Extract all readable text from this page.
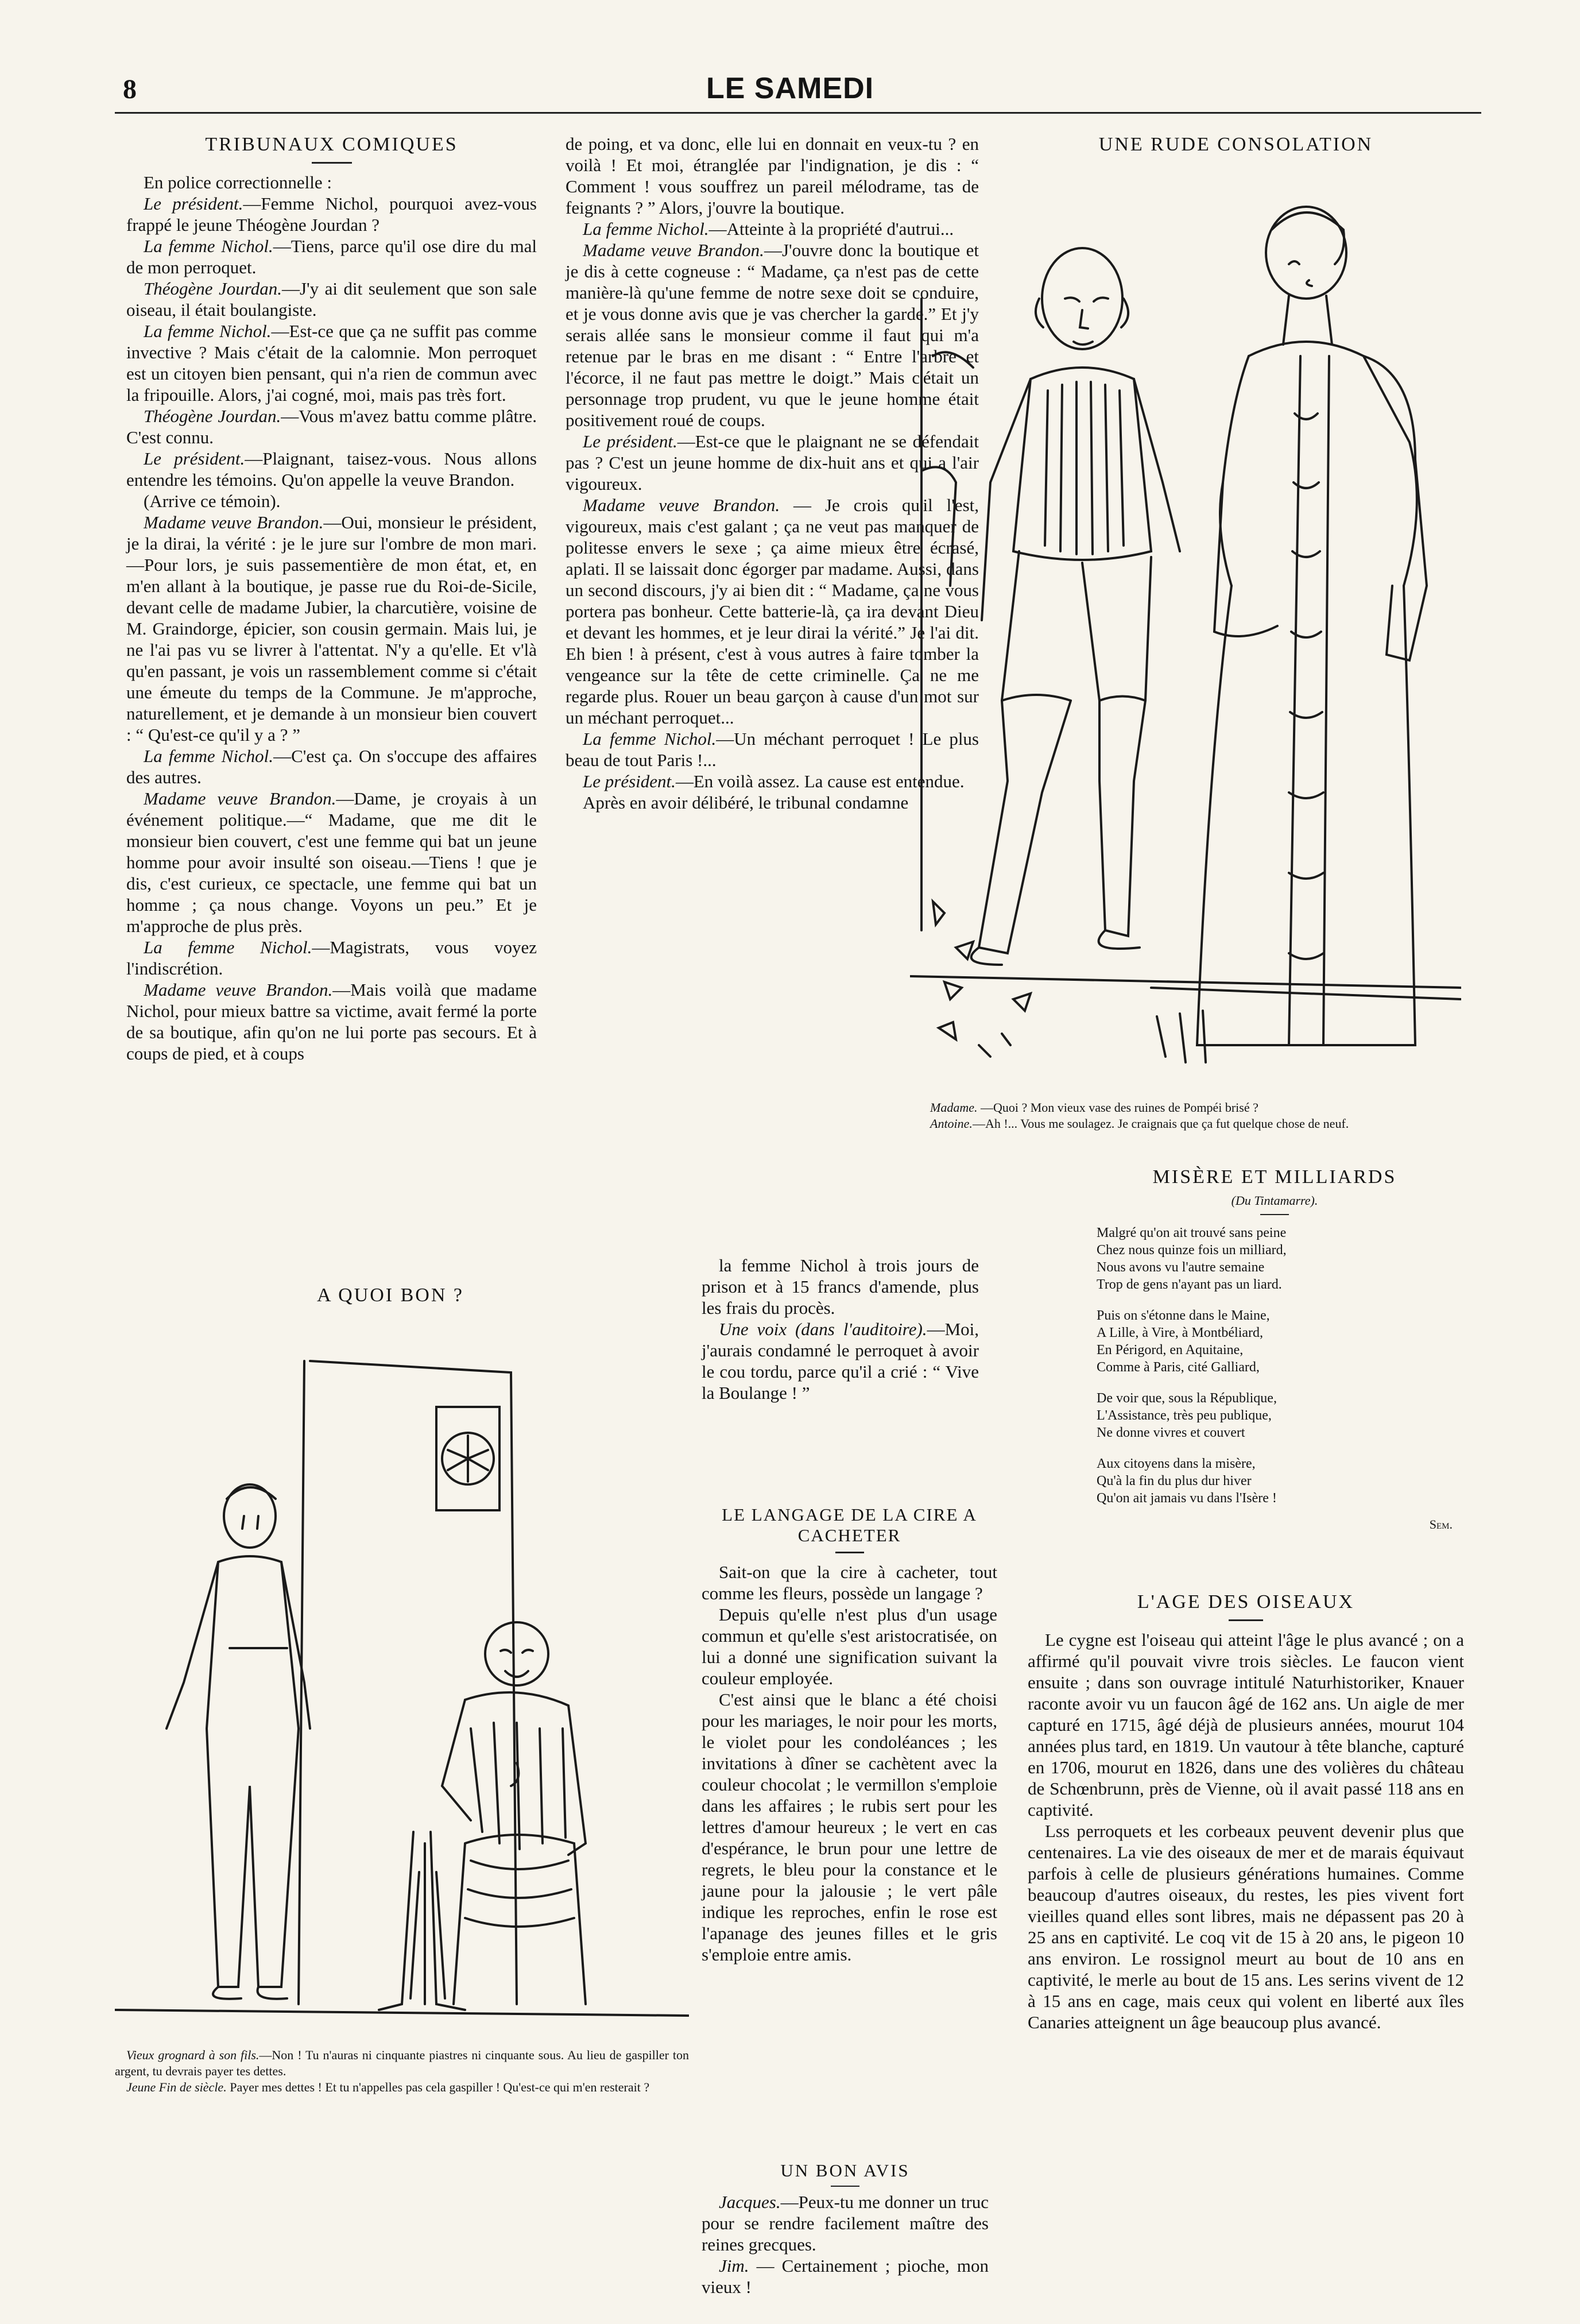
8	LE SAMEDI
TRIBUNAUX COMIQUES

En police correctionnelle :

Le président.—Femme Nichol, pourquoi avez-vous frappé le jeune Théogène Jourdan ?

La femme Nichol.—Tiens, parce qu'il ose dire du mal de mon perroquet.

Théogène Jourdan.—J'y ai dit seulement que son sale oiseau, il était boulangiste.

La femme Nichol.—Est-ce que ça ne suffit pas comme invective ? Mais c'était de la calomnie. Mon perroquet est un citoyen bien pensant, qui n'a rien de commun avec la fripouille. Alors, j'ai cogné, moi, mais pas très fort.

Théogène Jourdan.—Vous m'avez battu comme plâtre. C'est connu.

Le président.—Plaignant, taisez-vous. Nous allons entendre les témoins. Qu'on appelle la veuve Brandon.

(Arrive ce témoin).

Madame veuve Brandon.—Oui, monsieur le président, je la dirai, la vérité : je le jure sur l'ombre de mon mari.—Pour lors, je suis passementière de mon état, et, en m'en allant à la boutique, je passe rue du Roi-de-Sicile, devant celle de madame Jubier, la charcutière, voisine de M. Graindorge, épicier, son cousin germain. Mais lui, je ne l'ai pas vu se livrer à l'attentat. N'y a qu'elle. Et v'là qu'en passant, je vois un rassemblement comme si c'était une émeute du temps de la Commune. Je m'approche, naturellement, et je demande à un monsieur bien couvert : “ Qu'est-ce qu'il y a ? ”

La femme Nichol.—C'est ça. On s'occupe des affaires des autres.

Madame veuve Brandon.—Dame, je croyais à un événement politique.—“ Madame, que me dit le monsieur bien couvert, c'est une femme qui bat un jeune homme pour avoir insulté son oiseau.—Tiens ! que je dis, c'est curieux, ce spectacle, une femme qui bat un homme ; ça nous change. Voyons un peu.” Et je m'approche de plus près.

La femme Nichol.—Magistrats, vous voyez l'indiscrétion.

Madame veuve Brandon.—Mais voilà que madame Nichol, pour mieux battre sa victime, avait fermé la porte de sa boutique, afin qu'on ne lui porte pas secours. Et à coups de pied, et à coups

de poing, et va donc, elle lui en donnait en veux-tu ? en voilà ! Et moi, étranglée par l'indignation, je dis : “ Comment ! vous souffrez un pareil mélodrame, tas de feignants ? ” Alors, j'ouvre la boutique.

La femme Nichol.—Atteinte à la propriété d'autrui...

Madame veuve Brandon.—J'ouvre donc la boutique et je dis à cette cogneuse : “ Madame, ça n'est pas de cette manière-là qu'une femme de notre sexe doit se conduire, et je vous donne avis que je vas chercher la garde.” Et j'y serais allée sans le monsieur comme il faut qui m'a retenue par le bras en me disant : “ Entre l'arbre et l'écorce, il ne faut pas mettre le doigt.” Mais c'était un personnage trop prudent, vu que le jeune homme était positivement roué de coups.

Le président.—Est-ce que le plaignant ne se défendait pas ? C'est un jeune homme de dix-huit ans et qui a l'air vigoureux.

Madame veuve Brandon. — Je crois qu'il l'est, vigoureux, mais c'est galant ; ça ne veut pas manquer de politesse envers le sexe ; ça aime mieux être écrasé, aplati. Il se laissait donc égorger par madame. Aussi, dans un second discours, j'y ai bien dit : “ Madame, ça ne vous portera pas bonheur. Cette batterie-là, ça ira devant Dieu et devant les hommes, et je leur dirai la vérité.” Je l'ai dit. Eh bien ! à présent, c'est à vous autres à faire tomber la vengeance sur la tête de cette criminelle. Ça ne me regarde plus. Rouer un beau garçon à cause d'un mot sur un méchant perroquet...

La femme Nichol.—Un méchant perroquet ! Le plus beau de tout Paris !...

Le président.—En voilà assez. La cause est entendue.

Après en avoir délibéré, le tribunal condamne

la femme Nichol à trois jours de prison et à 15 francs d'amende, plus les frais du procès.

Une voix (dans l'auditoire).—Moi, j'aurais condamné le perroquet à avoir le cou tordu, parce qu'il a crié : “ Vive la Boulange ! ”

UNE RUDE CONSOLATION
Madame. —Quoi ? Mon vieux vase des ruines de Pompéi brisé ?
Antoine.—Ah !... Vous me soulagez. Je craignais que ça fut quelque chose de neuf.
MISÈRE ET MILLIARDS
(Du Tintamarre).

Malgré qu'on ait trouvé sans peine

Chez nous quinze fois un milliard,

Nous avons vu l'autre semaine

Trop de gens n'ayant pas un liard.

Puis on s'étonne dans le Maine,

A Lille, à Vire, à Montbéliard,

En Périgord, en Aquitaine,

Comme à Paris, cité Galliard,

De voir que, sous la République,

L'Assistance, très peu publique,

Ne donne vivres et couvert

Aux citoyens dans la misère,

Qu'à la fin du plus dur hiver

Qu'on ait jamais vu dans l'Isère !

Sem.
A QUOI BON ?
Vieux grognard à son fils.—Non ! Tu n'auras ni cinquante piastres ni cinquante sous. Au lieu de gaspiller ton argent, tu devrais payer tes dettes.
Jeune Fin de siècle. Payer mes dettes ! Et tu n'appelles pas cela gaspiller ! Qu'est-ce qui m'en resterait ?
LE LANGAGE DE LA CIRE A CACHETER

Sait-on que la cire à cacheter, tout comme les fleurs, possède un langage ?

Depuis qu'elle n'est plus d'un usage commun et qu'elle s'est aristocratisée, on lui a donné une signification suivant la couleur employée.

C'est ainsi que le blanc a été choisi pour les mariages, le noir pour les morts, le violet pour les condoléances ; les invitations à dîner se cachètent avec la couleur chocolat ; le vermillon s'emploie dans les affaires ; le rubis sert pour les lettres d'amour heureux ; le vert en cas d'espérance, le brun pour une lettre de regrets, le bleu pour la constance et le jaune pour la jalousie ; le vert pâle indique les reproches, enfin le rose est l'apanage des jeunes filles et le gris s'emploie entre amis.

UN BON AVIS

Jacques.—Peux-tu me donner un truc pour se rendre facilement maître des reines grecques.

Jim. — Certainement ; pioche, mon vieux !

L'AGE DES OISEAUX

Le cygne est l'oiseau qui atteint l'âge le plus avancé ; on a affirmé qu'il pouvait vivre trois siècles. Le faucon vient ensuite ; dans son ouvrage intitulé Naturhistoriker, Knauer raconte avoir vu un faucon âgé de 162 ans. Un aigle de mer capturé en 1715, âgé déjà de plusieurs années, mourut 104 années plus tard, en 1819. Un vautour à tête blanche, capturé en 1706, mourut en 1826, dans une des volières du château de Schœnbrunn, près de Vienne, où il avait passé 118 ans en captivité.

Lss perroquets et les corbeaux peuvent devenir plus que centenaires. La vie des oiseaux de mer et de marais équivaut parfois à celle de plusieurs générations humaines. Comme beaucoup d'autres oiseaux, du restes, les pies vivent fort vieilles quand elles sont libres, mais ne dépassent pas 20 à 25 ans en captivité. Le coq vit de 15 à 20 ans, le pigeon 10 ans environ. Le rossignol meurt au bout de 10 ans en captivité, le merle au bout de 15 ans. Les serins vivent de 12 à 15 ans en cage, mais ceux qui volent en liberté aux îles Canaries atteignent un âge beaucoup plus avancé.
